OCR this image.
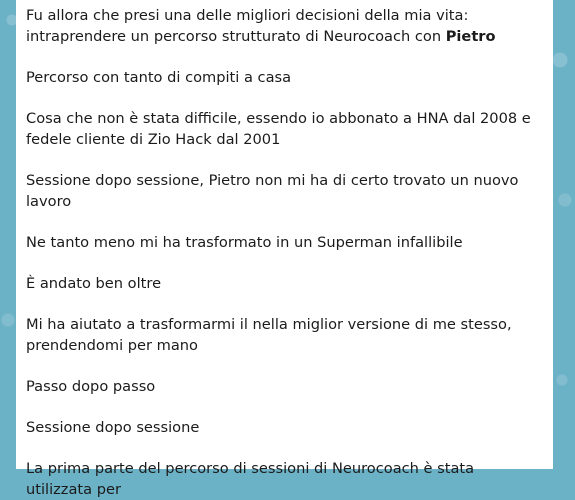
Fu allora che presi una delle migliori decisioni della mia vita: intraprendere un percorso strutturato di Neurocoach con Pietro

Percorso con tanto di compiti a casa

Cosa che non è stata difficile, essendo io abbonato a HNA dal 2008 e fedele cliente di Zio Hack dal 2001

Sessione dopo sessione, Pietro non mi ha di certo trovato un nuovo lavoro

Ne tanto meno mi ha trasformato in un Superman infallibile

È andato ben oltre

Mi ha aiutato a trasformarmi il nella miglior versione di me stesso, prendendomi per mano

Passo dopo passo

Sessione dopo sessione

La prima parte del percorso di sessioni di Neurocoach è stata utilizzata per
